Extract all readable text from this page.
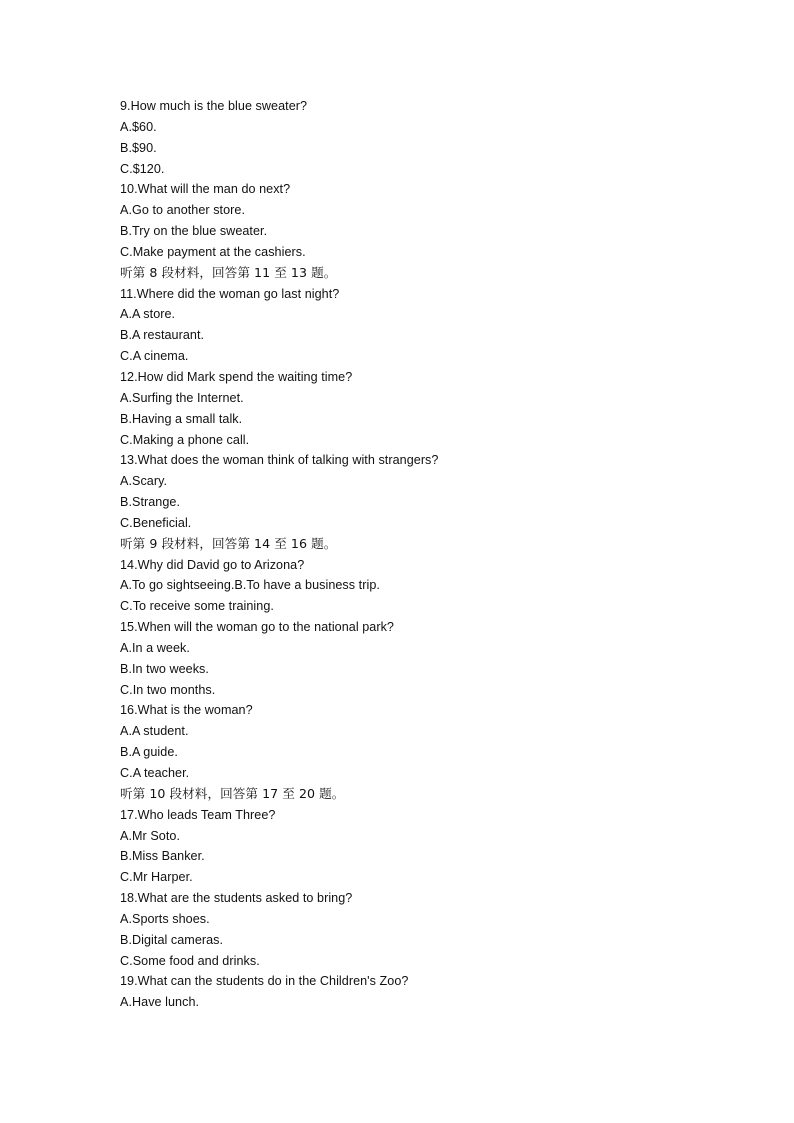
9.How much is the blue sweater?
A.$60.
B.$90.
C.$120.
10.What will the man do next?
A.Go to another store.
B.Try on the blue sweater.
C.Make payment at the cashiers.
听第 8 段材料，回答第 11 至 13 题。
11.Where did the woman go last night?
A.A store.
B.A restaurant.
C.A cinema.
12.How did Mark spend the waiting time?
A.Surfing the Internet.
B.Having a small talk.
C.Making a phone call.
13.What does the woman think of talking with strangers?
A.Scary.
B.Strange.
C.Beneficial.
听第 9 段材料，回答第 14 至 16 题。
14.Why did David go to Arizona?
A.To go sightseeing.B.To have a business trip.
C.To receive some training.
15.When will the woman go to the national park?
A.In a week.
B.In two weeks.
C.In two months.
16.What is the woman?
A.A student.
B.A guide.
C.A teacher.
听第 10 段材料，回答第 17 至 20 题。
17.Who leads Team Three?
A.Mr Soto.
B.Miss Banker.
C.Mr Harper.
18.What are the students asked to bring?
A.Sports shoes.
B.Digital cameras.
C.Some food and drinks.
19.What can the students do in the Children's Zoo?
A.Have lunch.
